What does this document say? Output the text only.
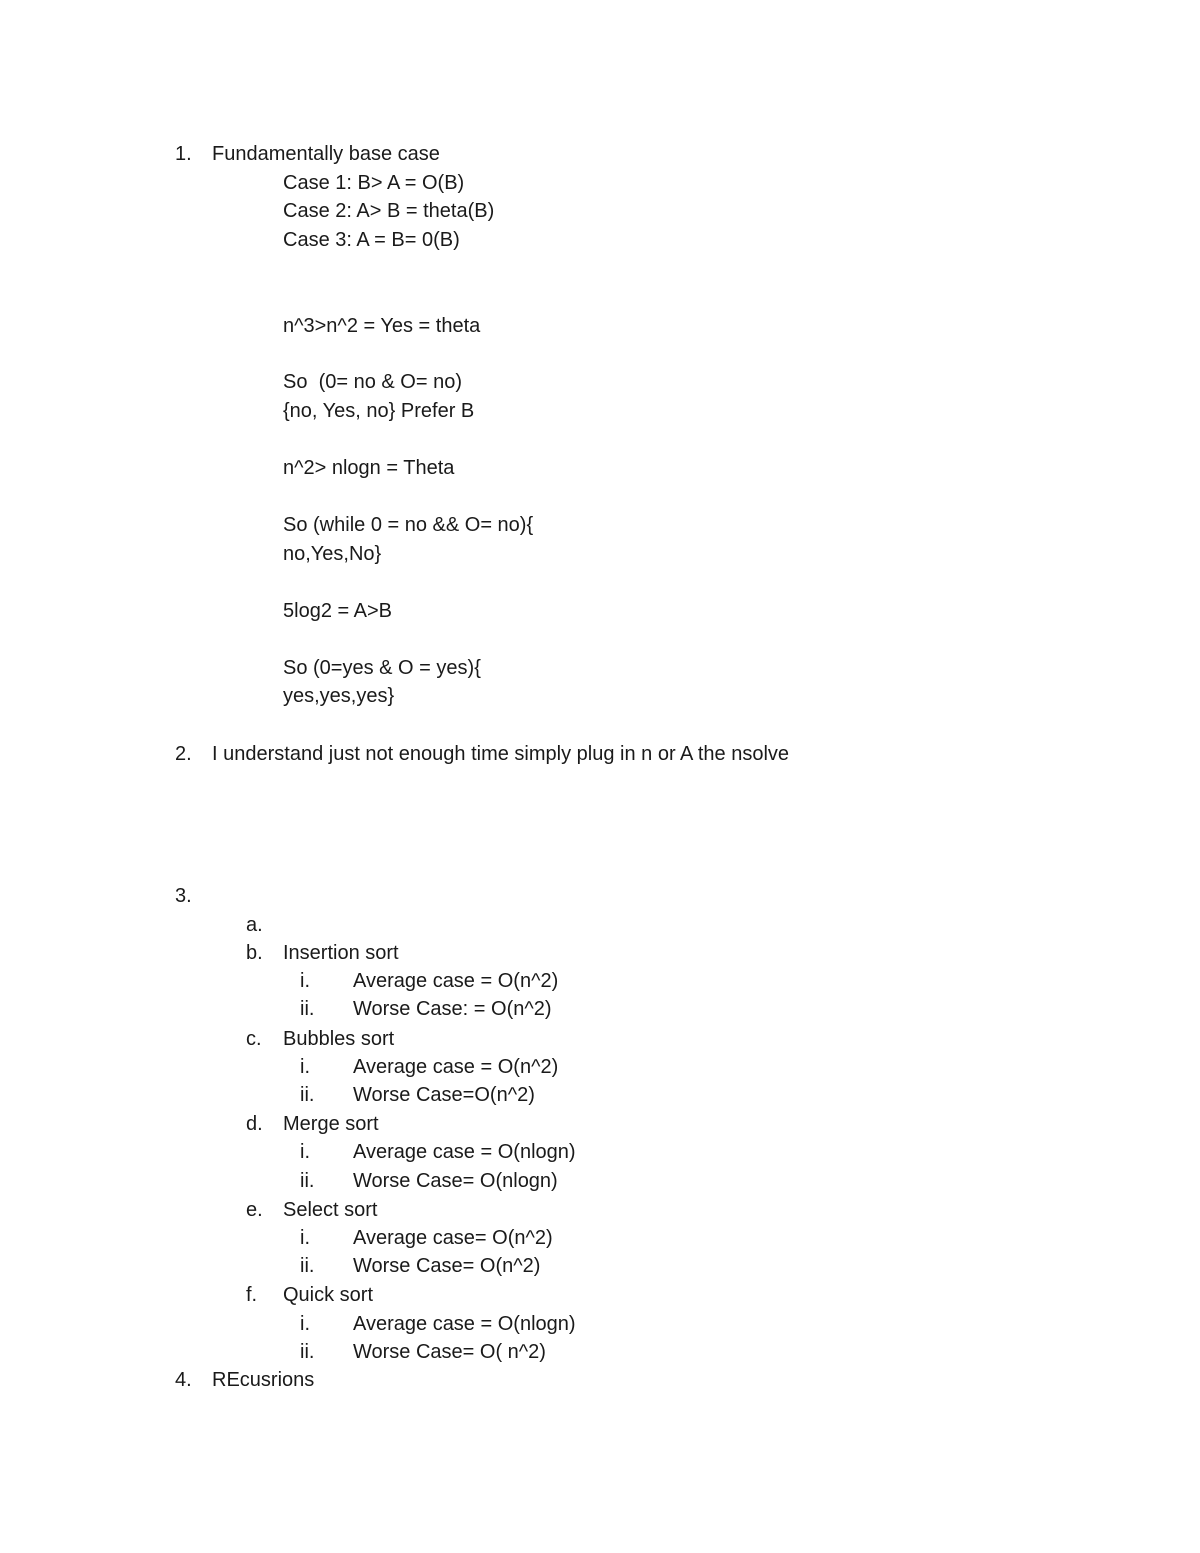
1. Fundamentally base case
Case 1: B> A = O(B)
Case 2: A> B = theta(B)
Case 3: A = B= 0(B)
n^3>n^2 = Yes = theta
So  (0= no & O= no)
{no, Yes, no} Prefer B
n^2> nlogn = Theta
So (while 0 = no && O= no){
no,Yes,No}
5log2 = A>B
So (0=yes & O = yes){
yes,yes,yes}
2. I understand just not enough time simply plug in n or A the nsolve
3.
a.
b. Insertion sort
i. Average case = O(n^2)
ii. Worse Case: = O(n^2)
c. Bubbles sort
i. Average case = O(n^2)
ii. Worse Case=O(n^2)
d. Merge sort
i. Average case = O(nlogn)
ii. Worse Case= O(nlogn)
e. Select sort
i. Average case= O(n^2)
ii. Worse Case= O(n^2)
f. Quick sort
i. Average case = O(nlogn)
ii. Worse Case= O( n^2)
4. REcusrions
